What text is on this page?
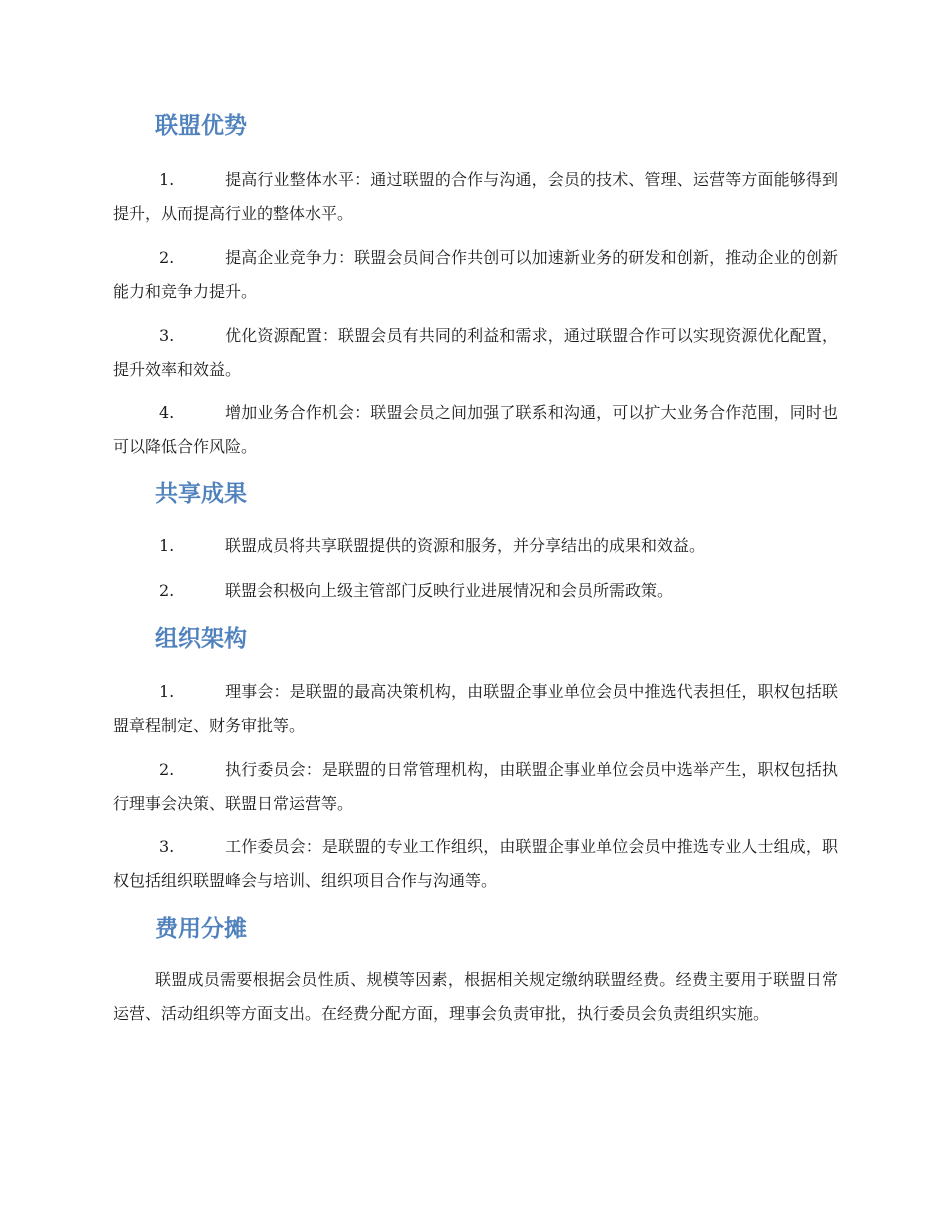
联盟优势
1.	提高行业整体水平：通过联盟的合作与沟通，会员的技术、管理、运营等方面能够得到提升，从而提高行业的整体水平。
2.	提高企业竞争力：联盟会员间合作共创可以加速新业务的研发和创新，推动企业的创新能力和竞争力提升。
3.	优化资源配置：联盟会员有共同的利益和需求，通过联盟合作可以实现资源优化配置，提升效率和效益。
4.	增加业务合作机会：联盟会员之间加强了联系和沟通，可以扩大业务合作范围，同时也可以降低合作风险。
共享成果
1.	联盟成员将共享联盟提供的资源和服务，并分享结出的成果和效益。
2.	联盟会积极向上级主管部门反映行业进展情况和会员所需政策。
组织架构
1.	理事会：是联盟的最高决策机构，由联盟企事业单位会员中推选代表担任，职权包括联盟章程制定、财务审批等。
2.	执行委员会：是联盟的日常管理机构，由联盟企事业单位会员中选举产生，职权包括执行理事会决策、联盟日常运营等。
3.	工作委员会：是联盟的专业工作组织，由联盟企事业单位会员中推选专业人士组成，职权包括组织联盟峰会与培训、组织项目合作与沟通等。
费用分摊

联盟成员需要根据会员性质、规模等因素，根据相关规定缴纳联盟经费。经费主要用于联盟日常运营、活动组织等方面支出。在经费分配方面，理事会负责审批，执行委员会负责组织实施。
